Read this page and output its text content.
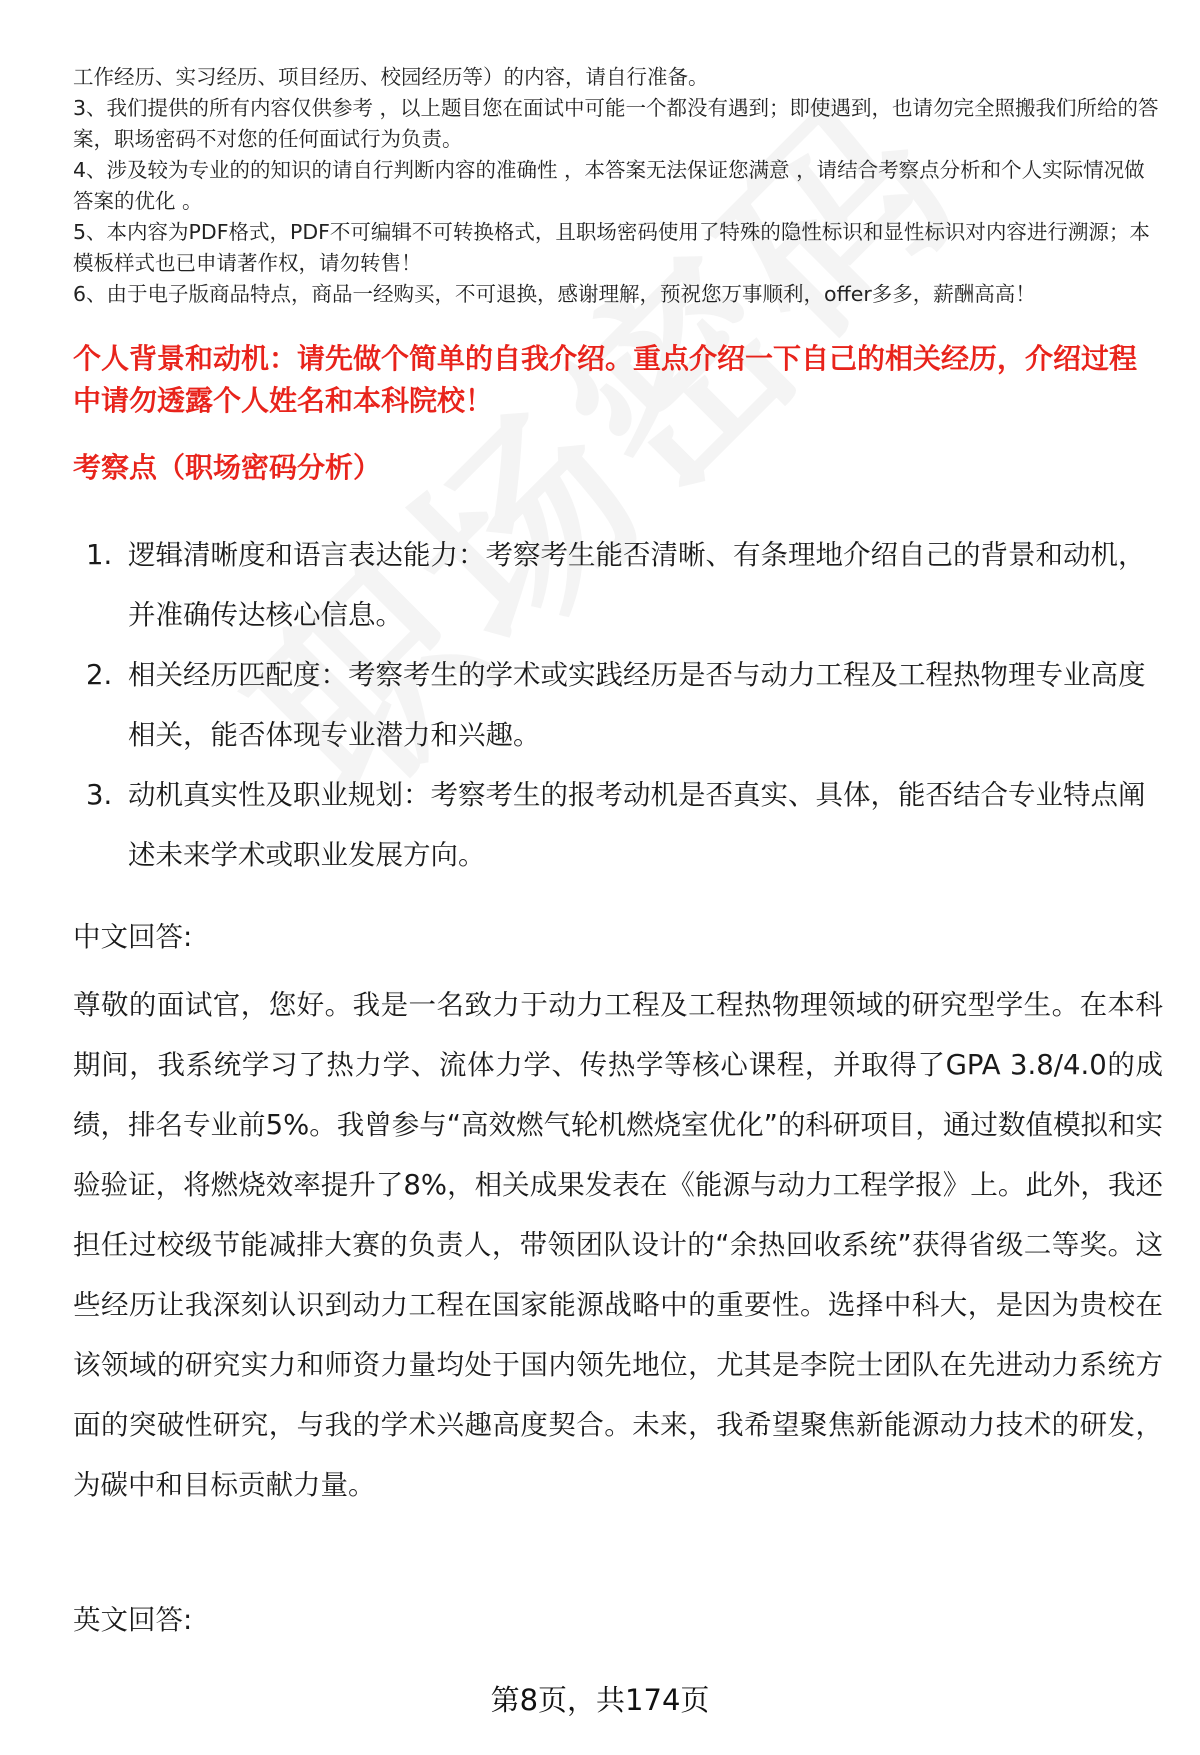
工作经历、实习经历、项目经历、校园经历等）的内容，请自行准备。

3、我们提供的所有内容仅供参考 ，以上题目您在面试中可能一个都没有遇到；即使遇到，也请勿完全照搬我们所给的答案，职场密码不对您的任何面试行为负责。

4、涉及较为专业的的知识的请自行判断内容的准确性 ，本答案无法保证您满意 ，请结合考察点分析和个人实际情况做答案的优化 。

5、本内容为PDF格式，PDF不可编辑不可转换格式，且职场密码使用了特殊的隐性标识和显性标识对内容进行溯源；本模板样式也已申请著作权，请勿转售！

6、由于电子版商品特点，商品一经购买，不可退换，感谢理解，预祝您万事顺利，offer多多，薪酬高高！

个人背景和动机：请先做个简单的自我介绍。重点介绍一下自己的相关经历，介绍过程中请勿透露个人姓名和本科院校！
考察点（职场密码分析）
1. 逻辑清晰度和语言表达能力：考察考生能否清晰、有条理地介绍自己的背景和动机，并准确传达核心信息。
2. 相关经历匹配度：考察考生的学术或实践经历是否与动力工程及工程热物理专业高度相关，能否体现专业潜力和兴趣。
3. 动机真实性及职业规划：考察考生的报考动机是否真实、具体，能否结合专业特点阐述未来学术或职业发展方向。
中文回答:

尊敬的面试官，您好。我是一名致力于动力工程及工程热物理领域的研究型学生。在本科期间，我系统学习了热力学、流体力学、传热学等核心课程，并取得了GPA 3.8/4.0的成绩，排名专业前5%。我曾参与“高效燃气轮机燃烧室优化”的科研项目，通过数值模拟和实验验证，将燃烧效率提升了8%，相关成果发表在《能源与动力工程学报》上。此外，我还担任过校级节能减排大赛的负责人，带领团队设计的“余热回收系统”获得省级二等奖。这些经历让我深刻认识到动力工程在国家能源战略中的重要性。选择中科大，是因为贵校在该领域的研究实力和师资力量均处于国内领先地位，尤其是李院士团队在先进动力系统方面的突破性研究，与我的学术兴趣高度契合。未来，我希望聚焦新能源动力技术的研发，为碳中和目标贡献力量。

英文回答:
第8页，共174页
